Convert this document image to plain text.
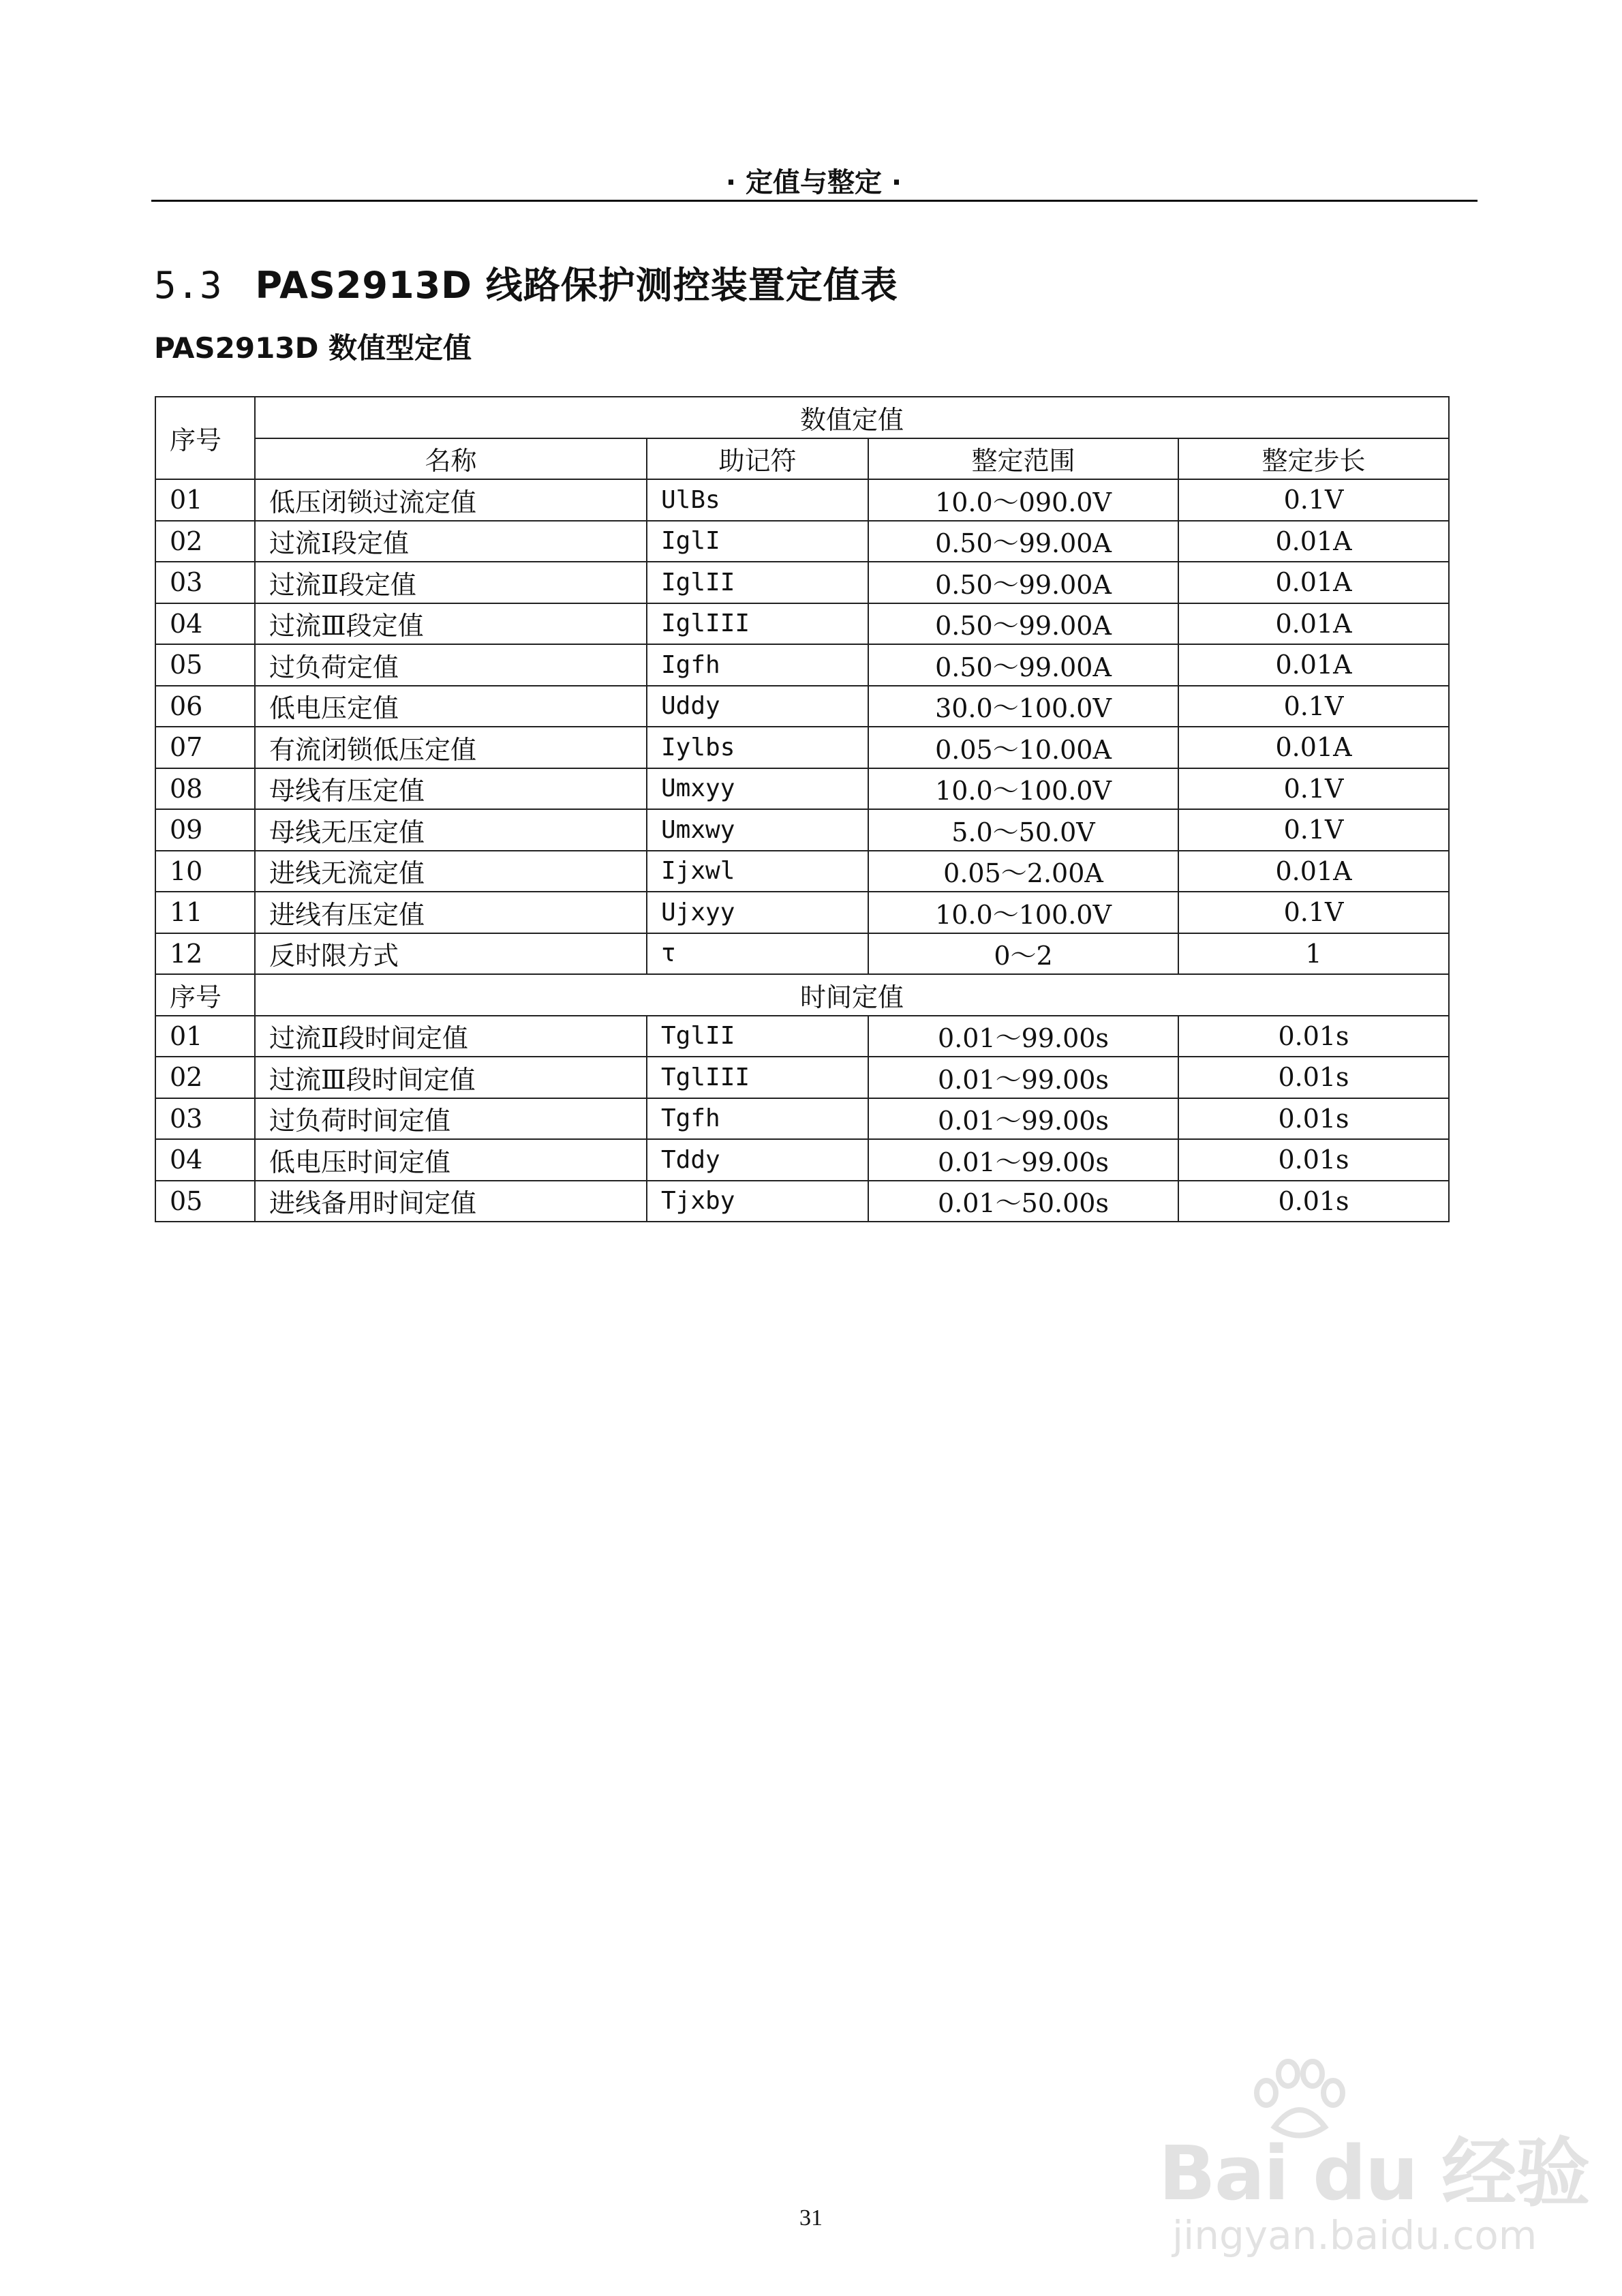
· 定值与整定 ·
5.3 PAS2913D 线路保护测控装置定值表
PAS2913D 数值型定值
序号	数值定值			
	名称	助记符	整定范围	整定步长
01	低压闭锁过流定值	UlBs	10.0～090.0V	0.1V
02	过流Ⅰ段定值	IglI	0.50～99.00A	0.01A
03	过流Ⅱ段定值	IglII	0.50～99.00A	0.01A
04	过流Ⅲ段定值	IglIII	0.50～99.00A	0.01A
05	过负荷定值	Igfh	0.50～99.00A	0.01A
06	低电压定值	Uddy	30.0～100.0V	0.1V
07	有流闭锁低压定值	Iylbs	0.05～10.00A	0.01A
08	母线有压定值	Umxyy	10.0～100.0V	0.1V
09	母线无压定值	Umxwy	5.0～50.0V	0.1V
10	进线无流定值	Ijxwl	0.05～2.00A	0.01A
11	进线有压定值	Ujxyy	10.0～100.0V	0.1V
12	反时限方式	τ	0～2	1
序号	时间定值			
01	过流Ⅱ段时间定值	TglII	0.01～99.00s	0.01s
02	过流Ⅲ段时间定值	TglIII	0.01～99.00s	0.01s
03	过负荷时间定值	Tgfh	0.01～99.00s	0.01s
04	低电压时间定值	Tddy	0.01～99.00s	0.01s
05	进线备用时间定值	Tjxby	0.01～50.00s	0.01s
31
Bai du 经验
jingyan.baidu.com
